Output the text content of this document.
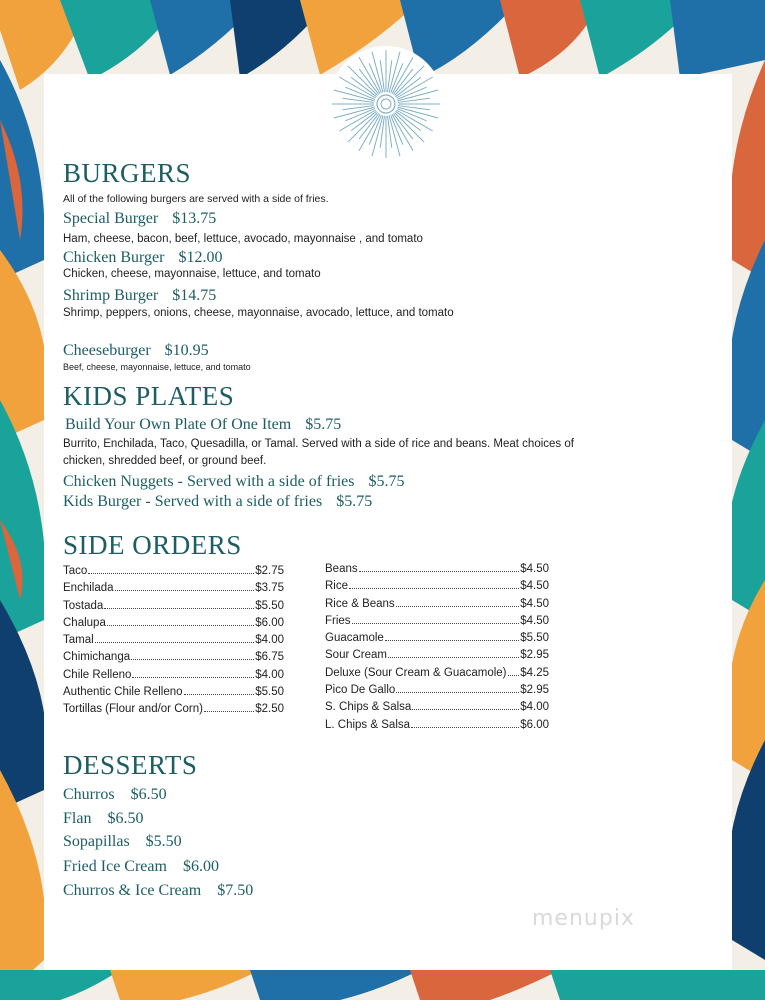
BURGERS
All of the following burgers are served with a side of fries.
Special Burger $13.75
Ham, cheese, bacon, beef, lettuce, avocado, mayonnaise , and tomato
Chicken Burger $12.00
Chicken, cheese, mayonnaise, lettuce, and tomato
Shrimp Burger $14.75
Shrimp, peppers, onions, cheese, mayonnaise, avocado, lettuce, and tomato
Cheeseburger $10.95
Beef, cheese, mayonnaise, lettuce, and tomato
KIDS PLATES
Build Your Own Plate Of One Item $5.75
Burrito, Enchilada, Taco, Quesadilla, or Tamal. Served with a side of rice and beans. Meat choices of chicken, shredded beef, or ground beef.
Chicken Nuggets - Served with a side of fries $5.75
Kids Burger - Served with a side of fries $5.75
SIDE ORDERS
Taco	$2.75
Enchilada	$3.75
Tostada	$5.50
Chalupa	$6.00
Tamal	$4.00
Chimichanga	$6.75
Chile Relleno	$4.00
Authentic Chile Relleno	$5.50
Tortillas (Flour and/or Corn)	$2.50
Beans	$4.50
Rice	$4.50
Rice & Beans	$4.50
Fries	$4.50
Guacamole	$5.50
Sour Cream	$2.95
Deluxe (Sour Cream & Guacamole) $4.25
Pico De Gallo	$2.95
S. Chips & Salsa	$4.00
L. Chips & Salsa	$6.00
DESSERTS
Churros $6.50
Flan $6.50
Sopapillas $5.50
Fried Ice Cream $6.00
Churros & Ice Cream $7.50
menupix
